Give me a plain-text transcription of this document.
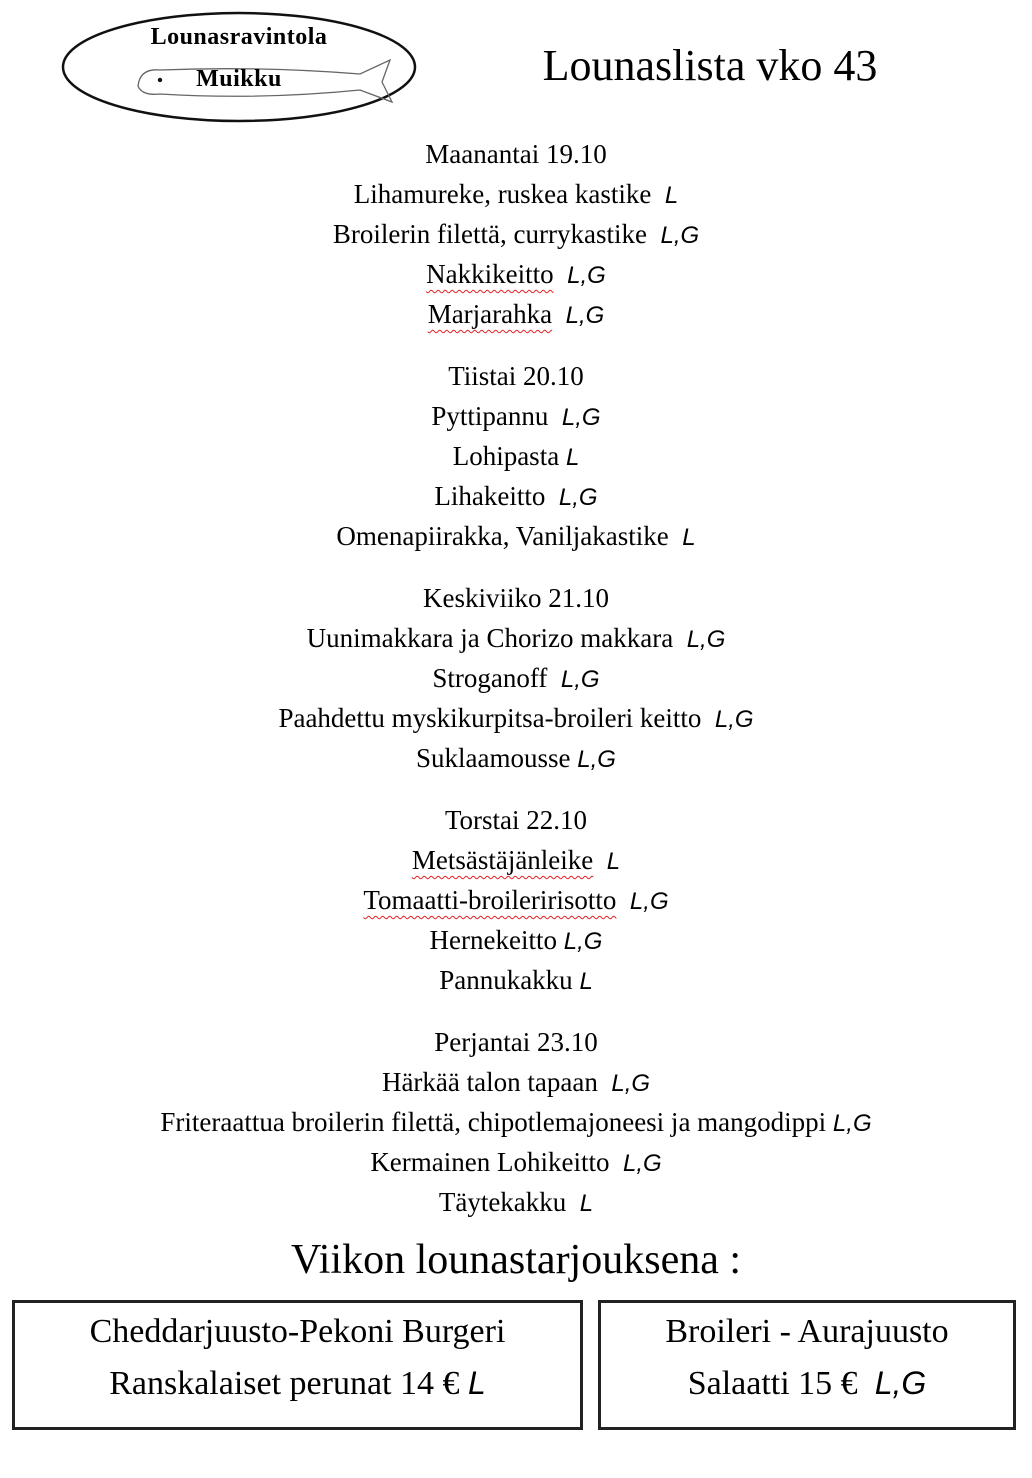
Lounasravintola
Muikku	Lounaslista vko 43
Maanantai 19.10
Lihamureke, ruskea kastike L
Broilerin filettä, currykastike L,G
Nakkikeitto L,G
Marjarahka L,G
Tiistai 20.10
Pyttipannu L,G
Lohipasta L
Lihakeitto L,G
Omenapiirakka, Vaniljakastike L
Keskiviiko 21.10
Uunimakkara ja Chorizo makkara L,G
Stroganoff L,G
Paahdettu myskikurpitsa-broileri keitto L,G
Suklaamousse L,G
Torstai 22.10
Metsästäjänleike L
Tomaatti-broileririsotto L,G
Hernekeitto L,G
Pannukakku L
Perjantai 23.10
Härkää talon tapaan L,G
Friteraattua broilerin filettä, chipotlemajoneesi ja mangodippi L,G
Kermainen Lohikeitto L,G
Täytekakku L
Viikon lounastarjouksena :
Cheddarjuusto-Pekoni Burgeri
Ranskalaiset perunat 14 € L
Broileri - Aurajuusto
Salaatti 15 € L,G
